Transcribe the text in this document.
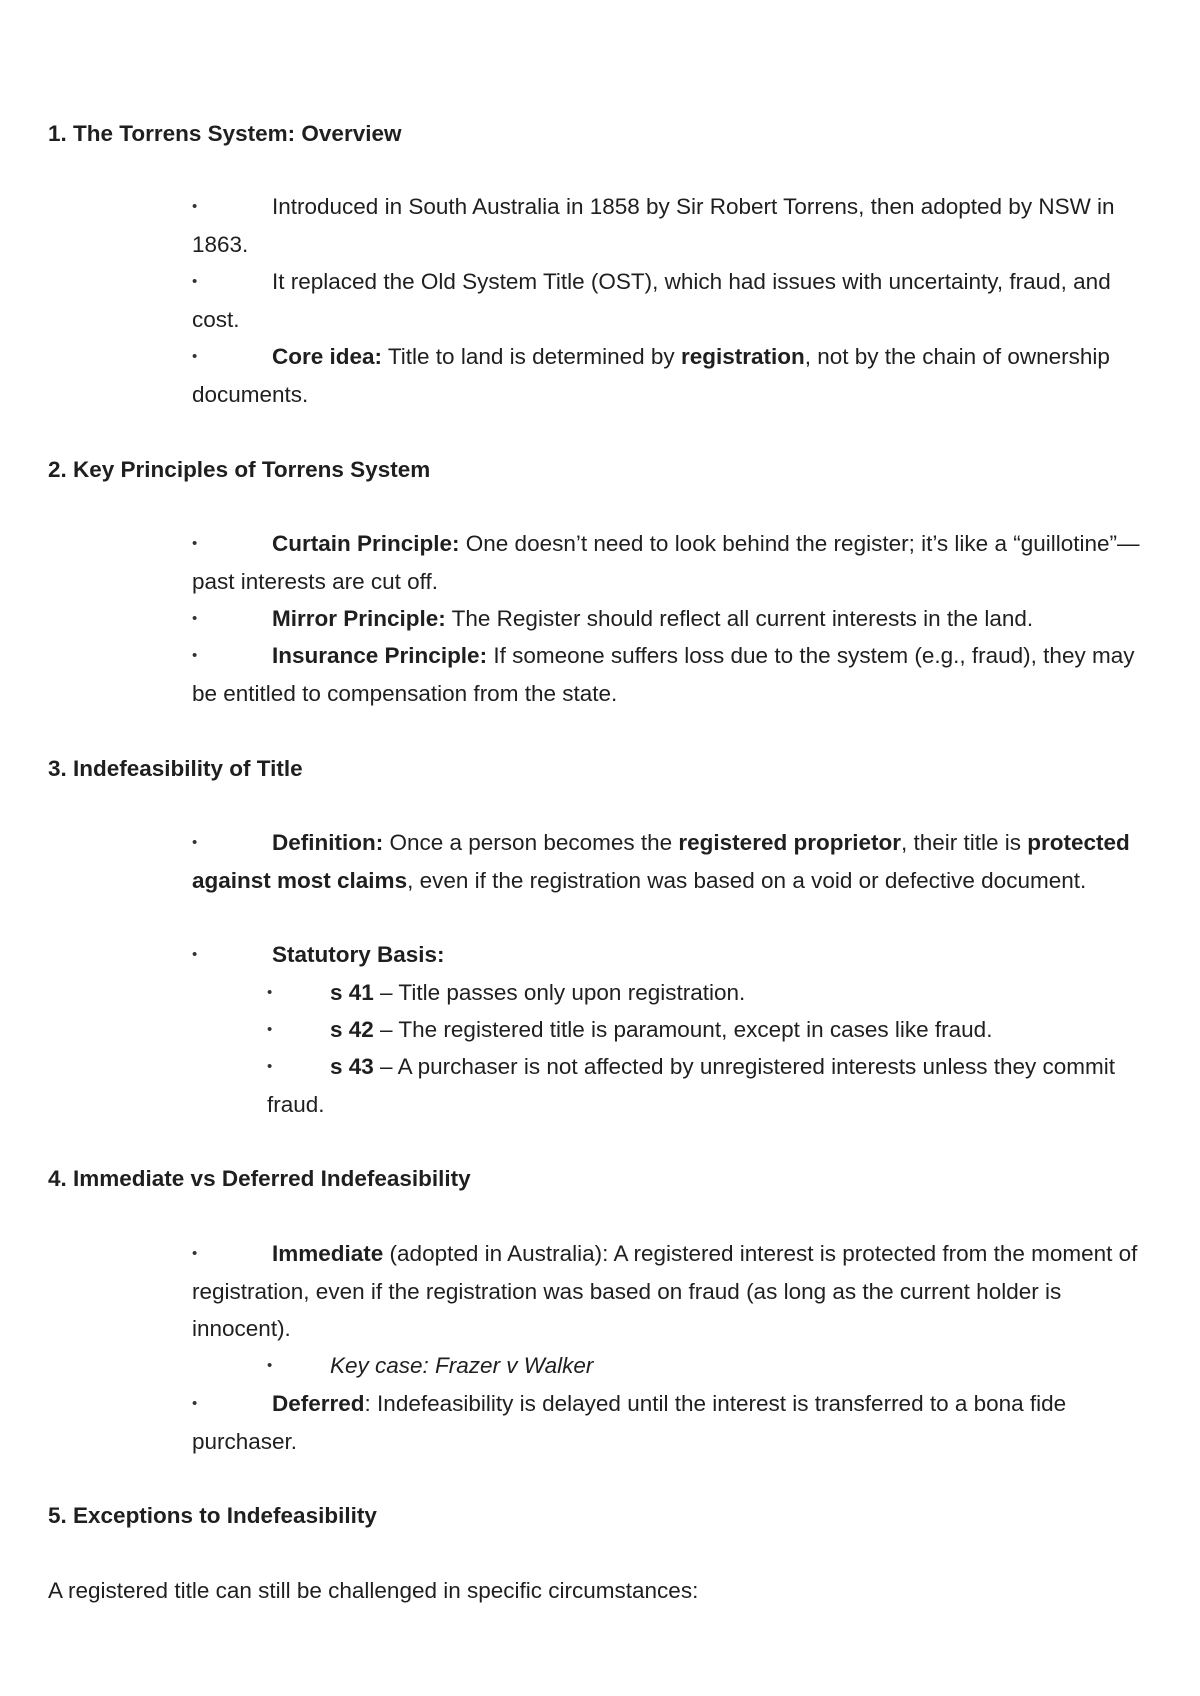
1. The Torrens System: Overview

•	Introduced in South Australia in 1858 by Sir Robert Torrens, then adopted by NSW in 1863.

•	It replaced the Old System Title (OST), which had issues with uncertainty, fraud, and cost.

•	Core idea: Title to land is determined by registration, not by the chain of ownership documents.

2. Key Principles of Torrens System

•	Curtain Principle: One doesn’t need to look behind the register; it’s like a “guillotine”—past interests are cut off.

•	Mirror Principle: The Register should reflect all current interests in the land.

•	Insurance Principle: If someone suffers loss due to the system (e.g., fraud), they may be entitled to compensation from the state.

3. Indefeasibility of Title

•	Definition: Once a person becomes the registered proprietor, their title is protected against most claims, even if the registration was based on a void or defective document.

•	Statutory Basis:

•	s 41 – Title passes only upon registration.

•	s 42 – The registered title is paramount, except in cases like fraud.

•	s 43 – A purchaser is not affected by unregistered interests unless they commit fraud.

4. Immediate vs Deferred Indefeasibility

•	Immediate (adopted in Australia): A registered interest is protected from the moment of registration, even if the registration was based on fraud (as long as the current holder is innocent).

•	Key case: Frazer v Walker

•	Deferred: Indefeasibility is delayed until the interest is transferred to a bona fide purchaser.

5. Exceptions to Indefeasibility

A registered title can still be challenged in specific circumstances:
